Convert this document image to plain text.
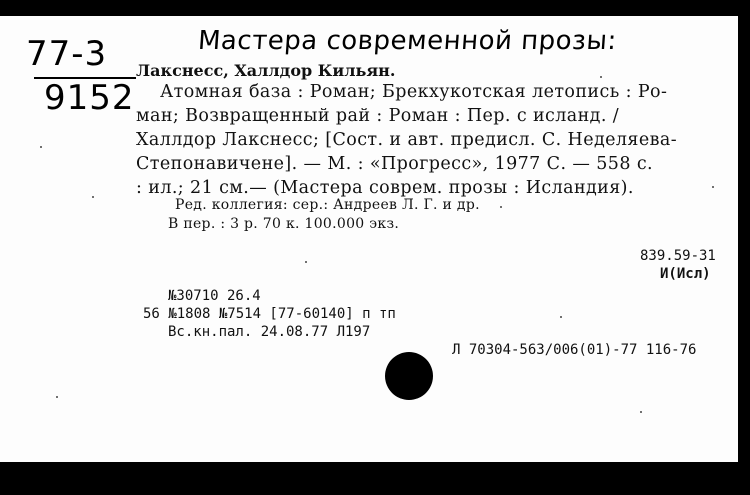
77-3
9152
Мастера современной прозы:
Лакснесс, Халлдор Кильян.
Атомная база : Роман; Брекхукотская летопись : Ро-
ман; Возвращенный рай : Роман : Пер. с исланд. /
Халлдор Лакснесс; [Сост. и авт. предисл. С. Неделяева-
Степонавичене]. — М. : «Прогресс», 1977 С. — 558 с.
: ил.; 21 см.— (Мастера соврем. прозы : Исландия).
Ред. коллегия: сер.: Андреев Л. Г. и др.
В пер. : 3 р. 70 к. 100.000 экз.
839.59-31
И(Исл)
№30710 26.4
56 №1808 №7514 [77-60140] п тп
Вс.кн.пал. 24.08.77 Л197
Л 70304-563/006(01)-77 116-76
